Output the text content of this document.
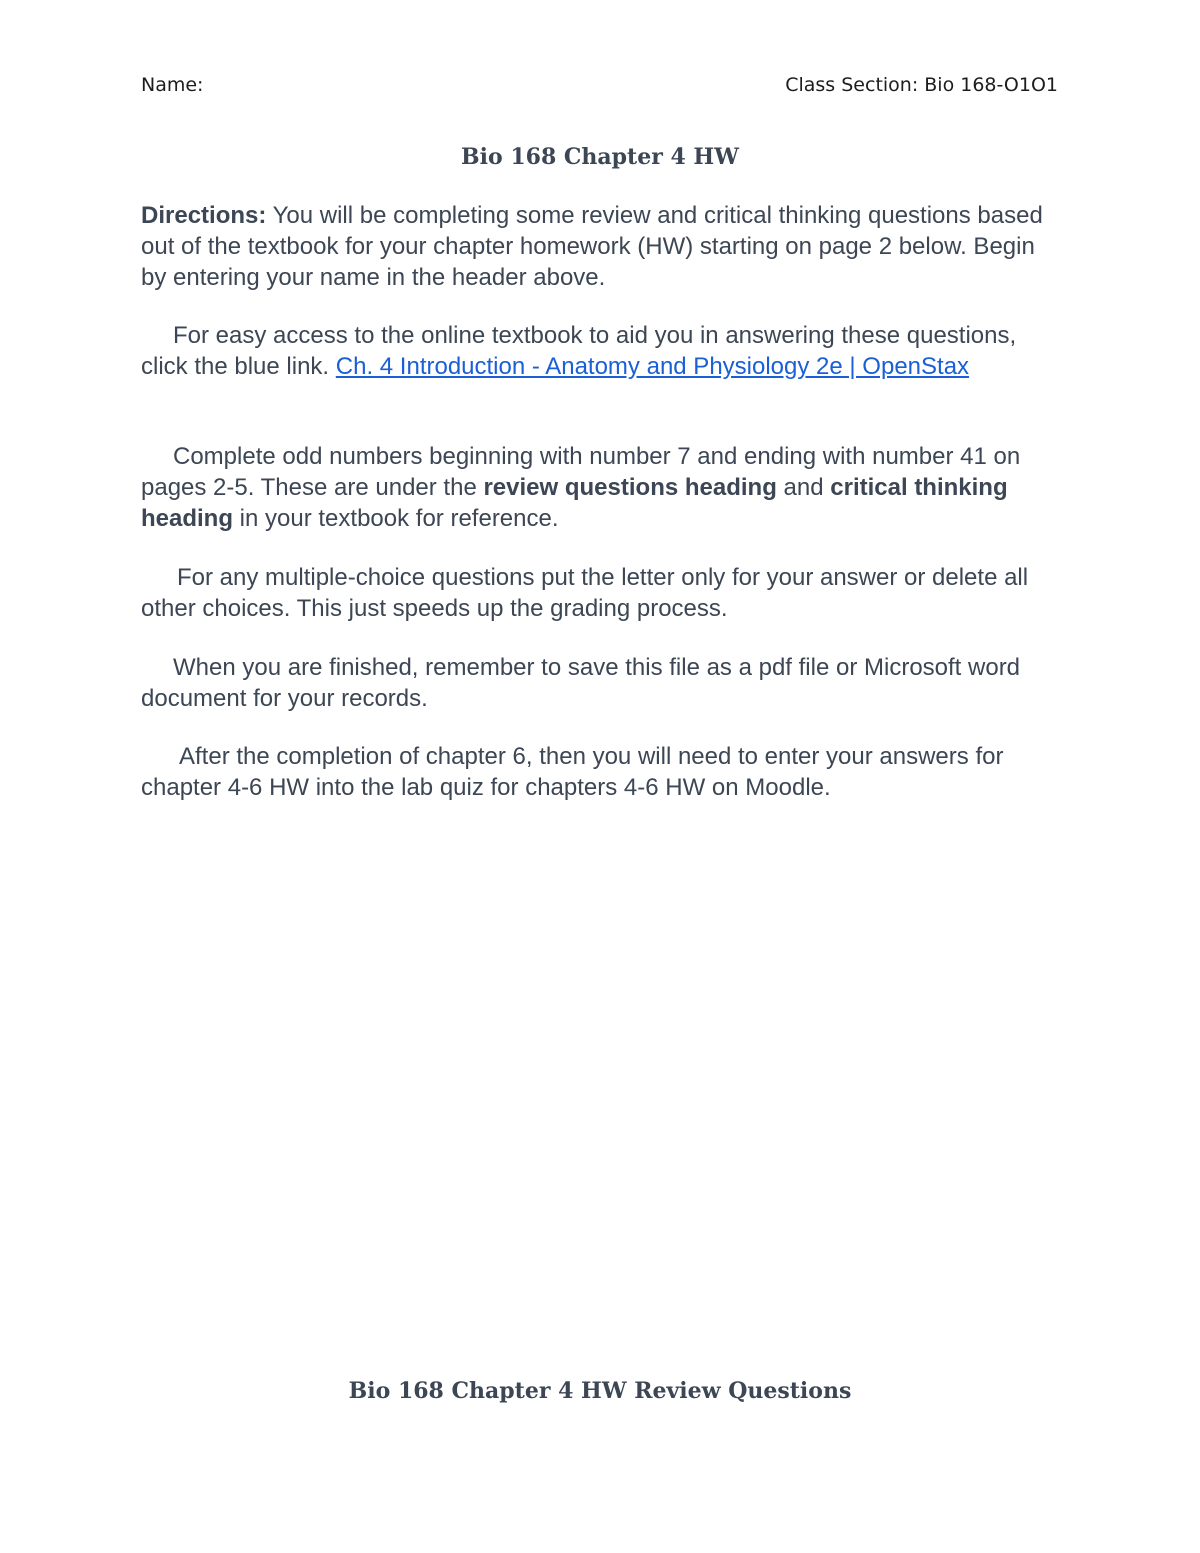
Name:	Class Section: Bio 168-O1O1
Bio 168 Chapter 4 HW
Directions: You will be completing some review and critical thinking questions based out of the textbook for your chapter homework (HW) starting on page 2 below. Begin by entering your name in the header above.
For easy access to the online textbook to aid you in answering these questions, click the blue link. Ch. 4 Introduction - Anatomy and Physiology 2e | OpenStax
Complete odd numbers beginning with number 7 and ending with number 41 on pages 2-5. These are under the review questions heading and critical thinking heading in your textbook for reference.
For any multiple-choice questions put the letter only for your answer or delete all other choices. This just speeds up the grading process.
When you are finished, remember to save this file as a pdf file or Microsoft word document for your records.
After the completion of chapter 6, then you will need to enter your answers for chapter 4-6 HW into the lab quiz for chapters 4-6 HW on Moodle.
Bio 168 Chapter 4 HW Review Questions
